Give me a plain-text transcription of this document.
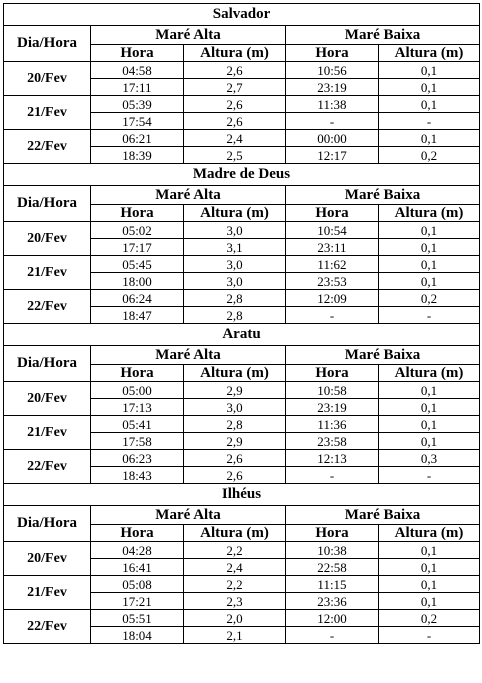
Salvador				
Dia/Hora	Maré Alta		Maré Baixa	
	Hora	Altura (m)	Hora	Altura (m)
20/Fev	04:58	2,6	10:56	0,1
	17:11	2,7	23:19	0,1
21/Fev	05:39	2,6	11:38	0,1
	17:54	2,6	-	-
22/Fev	06:21	2,4	00:00	0,1
	18:39	2,5	12:17	0,2
Madre de Deus				
Dia/Hora	Maré Alta		Maré Baixa	
	Hora	Altura (m)	Hora	Altura (m)
20/Fev	05:02	3,0	10:54	0,1
	17:17	3,1	23:11	0,1
21/Fev	05:45	3,0	11:62	0,1
	18:00	3,0	23:53	0,1
22/Fev	06:24	2,8	12:09	0,2
	18:47	2,8	-	-
Aratu				
Dia/Hora	Maré Alta		Maré Baixa	
	Hora	Altura (m)	Hora	Altura (m)
20/Fev	05:00	2,9	10:58	0,1
	17:13	3,0	23:19	0,1
21/Fev	05:41	2,8	11:36	0,1
	17:58	2,9	23:58	0,1
22/Fev	06:23	2,6	12:13	0,3
	18:43	2,6	-	-
Ilhéus				
Dia/Hora	Maré Alta		Maré Baixa	
	Hora	Altura (m)	Hora	Altura (m)
20/Fev	04:28	2,2	10:38	0,1
	16:41	2,4	22:58	0,1
21/Fev	05:08	2,2	11:15	0,1
	17:21	2,3	23:36	0,1
22/Fev	05:51	2,0	12:00	0,2
	18:04	2,1	-	-
